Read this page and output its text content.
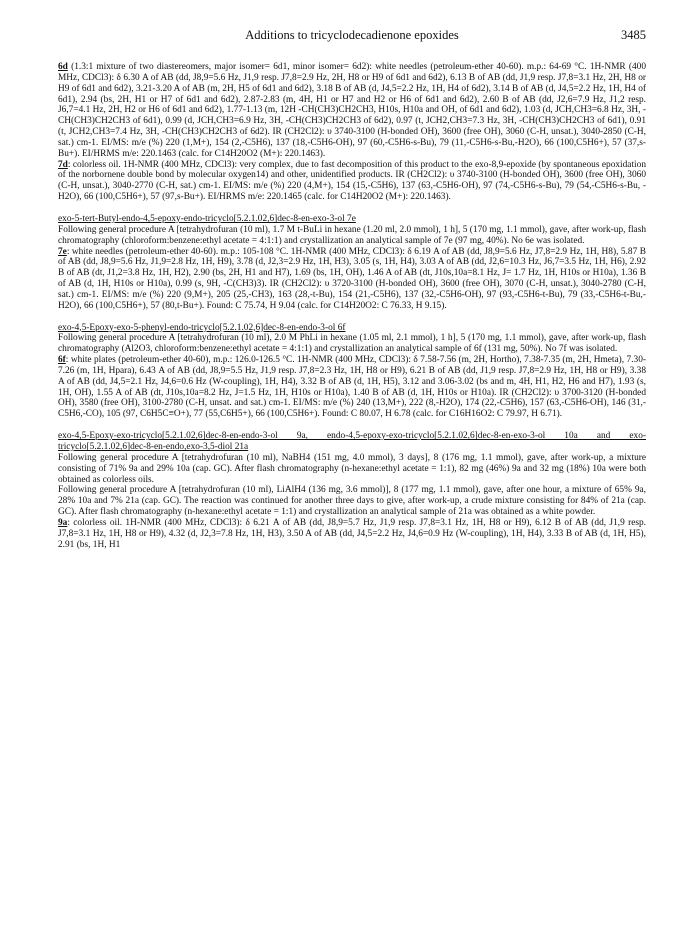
Additions to tricyclodecadienone epoxides	3485

6d (1.3:1 mixture of two diastereomers, major isomer= 6d1, minor isomer= 6d2): white needles (petroleum-ether 40-60). m.p.: 64-69 °C. 1H-NMR (400 MHz, CDCl3): δ 6.30 A of AB (dd, J8,9=5.6 Hz, J1,9 resp. J7,8=2.9 Hz, 2H, H8 or H9 of 6d1 and 6d2), 6.13 B of AB (dd, J1,9 resp. J7,8=3.1 Hz, 2H, H8 or H9 of 6d1 and 6d2), 3.21-3.20 A of AB (m, 2H, H5 of 6d1 and 6d2), 3.18 B of AB (d, J4,5=2.2 Hz, 1H, H4 of 6d2), 3.14 B of AB (d, J4,5=2.2 Hz, 1H, H4 of 6d1), 2.94 (bs, 2H, H1 or H7 of 6d1 and 6d2), 2.87-2.83 (m, 4H, H1 or H7 and H2 or H6 of 6d1 and 6d2), 2.60 B of AB (dd, J2,6=7.9 Hz, J1,2 resp. J6,7=4.1 Hz, 2H, H2 or H6 of 6d1 and 6d2), 1.77-1.13 (m, 12H -CH(CH3)CH2CH3, H10s, H10a and OH, of 6d1 and 6d2), 1.03 (d, JCH,CH3=6.8 Hz, 3H, -CH(CH3)CH2CH3 of 6d1), 0.99 (d, JCH,CH3=6.9 Hz, 3H, -CH(CH3)CH2CH3 of 6d2), 0.97 (t, JCH2,CH3=7.3 Hz, 3H, -CH(CH3)CH2CH3 of 6d1), 0.91 (t, JCH2,CH3=7.4 Hz, 3H, -CH(CH3)CH2CH3 of 6d2). IR (CH2Cl2): υ 3740-3100 (H-bonded OH), 3600 (free OH), 3060 (C-H, unsat.), 3040-2850 (C-H, sat.) cm-1. EI/MS: m/e (%) 220 (1,M+), 154 (2,-C5H6), 137 (18,-C5H6-OH), 97 (60,-C5H6-s-Bu), 79 (11,-C5H6-s-Bu,-H2O), 66 (100,C5H6+), 57 (37,s-Bu+). EI/HRMS m/e: 220.1463 (calc. for C14H20O2 (M+): 220.1463).

7d: colorless oil. 1H-NMR (400 MHz, CDCl3): very complex, due to fast decomposition of this product to the exo-8,9-epoxide (by spontaneous epoxidation of the norbornene double bond by molecular oxygen14) and other, unidentified products. IR (CH2Cl2): υ 3740-3100 (H-bonded OH), 3600 (free OH), 3060 (C-H, unsat.), 3040-2770 (C-H, sat.) cm-1. EI/MS: m/e (%) 220 (4,M+), 154 (15,-C5H6), 137 (63,-C5H6-OH), 97 (74,-C5H6-s-Bu), 79 (54,-C5H6-s-Bu, -H2O), 66 (100,C5H6+), 57 (97,s-Bu+). EI/HRMS m/e: 220.1465 (calc. for C14H20O2 (M+): 220.1463).

exo-5-tert-Butyl-endo-4,5-epoxy-endo-tricyclo[5.2.1.02,6]dec-8-en-exo-3-ol 7e

Following general procedure A [tetrahydrofuran (10 ml), 1.7 M t-BuLi in hexane (1.20 ml, 2.0 mmol), 1 h], 5 (170 mg, 1.1 mmol), gave, after work-up, flash chromatography (chloroform:benzene:ethyl acetate = 4:1:1) and crystallization an analytical sample of 7e (97 mg, 40%). No 6e was isolated.

7e: white needles (petroleum-ether 40-60). m.p.: 105-108 °C. 1H-NMR (400 MHz, CDCl3): δ 6.19 A of AB (dd, J8,9=5.6 Hz, J7,8=2.9 Hz, 1H, H8), 5.87 B of AB (dd, J8,9=5.6 Hz, J1,9=2.8 Hz, 1H, H9), 3.78 (d, J2,3=2.9 Hz, 1H, H3), 3.05 (s, 1H, H4), 3.03 A of AB (dd, J2,6=10.3 Hz, J6,7=3.5 Hz, 1H, H6), 2.92 B of AB (dt, J1,2=3.8 Hz, 1H, H2), 2.90 (bs, 2H, H1 and H7), 1.69 (bs, 1H, OH), 1.46 A of AB (dt, J10s,10a=8.1 Hz, J= 1.7 Hz, 1H, H10s or H10a), 1.36 B of AB (d, 1H, H10s or H10a), 0.99 (s, 9H, -C(CH3)3). IR (CH2Cl2): υ 3720-3100 (H-bonded OH), 3600 (free OH), 3070 (C-H, unsat.), 3040-2780 (C-H, sat.) cm-1. EI/MS: m/e (%) 220 (9,M+), 205 (25,-CH3), 163 (28,-t-Bu), 154 (21,-C5H6), 137 (32,-C5H6-OH), 97 (93,-C5H6-t-Bu), 79 (33,-C5H6-t-Bu,-H2O), 66 (100,C5H6+), 57 (80,t-Bu+). Found: C 75.74, H 9.04 (calc. for C14H20O2: C 76.33, H 9.15).

exo-4,5-Epoxy-exo-5-phenyl-endo-tricyclo[5.2.1.02,6]dec-8-en-endo-3-ol 6f

Following general procedure A [tetrahydrofuran (10 ml), 2.0 M PhLi in hexane (1.05 ml, 2.1 mmol), 1 h], 5 (170 mg, 1.1 mmol), gave, after work-up, flash chromatography (Al2O3, chloroform:benzene:ethyl acetate = 4:1:1) and crystallization an analytical sample of 6f (131 mg, 50%). No 7f was isolated.

6f: white plates (petroleum-ether 40-60), m.p.: 126.0-126.5 °C. 1H-NMR (400 MHz, CDCl3): δ 7.58-7.56 (m, 2H, Hortho), 7.38-7.35 (m, 2H, Hmeta), 7.30-7.26 (m, 1H, Hpara), 6.43 A of AB (dd, J8,9=5.5 Hz, J1,9 resp. J7,8=2.3 Hz, 1H, H8 or H9), 6.21 B of AB (dd, J1,9 resp. J7,8=2.9 Hz, 1H, H8 or H9), 3.38 A of AB (dd, J4,5=2.1 Hz, J4,6=0.6 Hz (W-coupling), 1H, H4), 3.32 B of AB (d, 1H, H5), 3.12 and 3.06-3.02 (bs and m, 4H, H1, H2, H6 and H7), 1.93 (s, 1H, OH), 1.55 A of AB (dt, J10s,10a=8.2 Hz, J=1.5 Hz, 1H, H10s or H10a), 1.40 B of AB (d, 1H, H10s or H10a). IR (CH2Cl2): υ 3700-3120 (H-bonded OH), 3580 (free OH), 3100-2780 (C-H, unsat. and sat.) cm-1. EI/MS: m/e (%) 240 (13,M+), 222 (8,-H2O), 174 (22,-C5H6), 157 (63,-C5H6-OH), 146 (31,-C5H6,-CO), 105 (97, C6H5C≡O+), 77 (55,C6H5+), 66 (100,C5H6+). Found: C 80.07, H 6.78 (calc. for C16H16O2: C 79.97, H 6.71).

exo-4,5-Epoxy-exo-tricyclo[5.2.1.02,6]dec-8-en-endo-3-ol 9a, endo-4,5-epoxy-exo-tricyclo[5.2.1.02,6]dec-8-en-exo-3-ol 10a and exo-tricyclo[5.2.1.02,6]dec-8-en-endo,exo-3,5-diol 21a

Following general procedure A [tetrahydrofuran (10 ml), NaBH4 (151 mg, 4.0 mmol), 3 days], 8 (176 mg, 1.1 mmol), gave, after work-up, a mixture consisting of 71% 9a and 29% 10a (cap. GC). After flash chromatography (n-hexane:ethyl acetate = 1:1), 82 mg (46%) 9a and 32 mg (18%) 10a were both obtained as colorless oils.

Following general procedure A [tetrahydrofuran (10 ml), LiAlH4 (136 mg, 3.6 mmol)], 8 (177 mg, 1.1 mmol), gave, after one hour, a mixture of 65% 9a, 28% 10a and 7% 21a (cap. GC). The reaction was continued for another three days to give, after work-up, a crude mixture consisting for 84% of 21a (cap. GC). After flash chromatography (n-hexane:ethyl acetate = 1:1) and crystallization an analytical sample of 21a was obtained as a white powder.

9a: colorless oil. 1H-NMR (400 MHz, CDCl3): δ 6.21 A of AB (dd, J8,9=5.7 Hz, J1,9 resp. J7,8=3.1 Hz, 1H, H8 or H9), 6.12 B of AB (dd, J1,9 resp. J7,8=3.1 Hz, 1H, H8 or H9), 4.32 (d, J2,3=7.8 Hz, 1H, H3), 3.50 A of AB (dd, J4,5=2.2 Hz, J4,6=0.9 Hz (W-coupling), 1H, H4), 3.33 B of AB (d, 1H, H5), 2.91 (bs, 1H, H1
